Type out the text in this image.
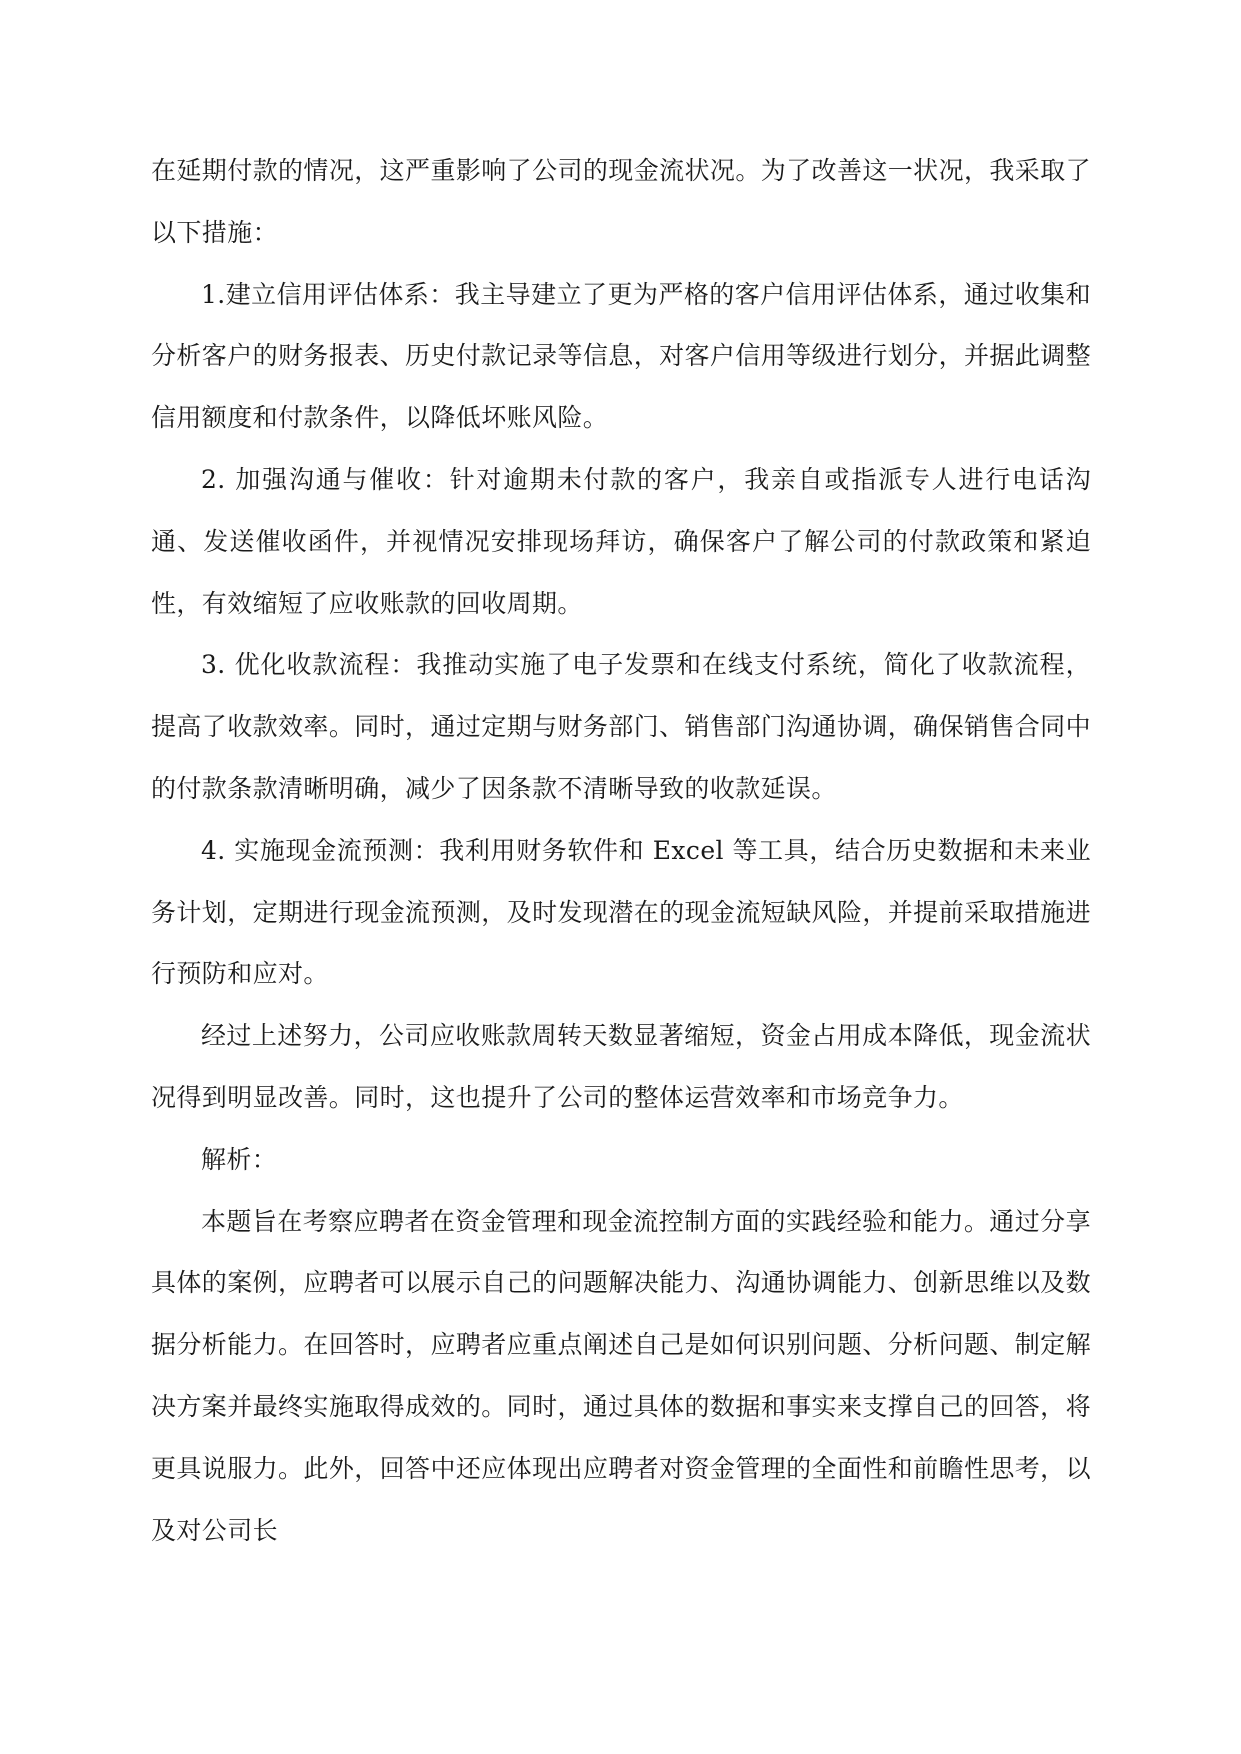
在延期付款的情况，这严重影响了公司的现金流状况。为了改善这一状况，我采取了以下措施：

1.建立信用评估体系：我主导建立了更为严格的客户信用评估体系，通过收集和分析客户的财务报表、历史付款记录等信息，对客户信用等级进行划分，并据此调整信用额度和付款条件，以降低坏账风险。

2. 加强沟通与催收：针对逾期未付款的客户，我亲自或指派专人进行电话沟通、发送催收函件，并视情况安排现场拜访，确保客户了解公司的付款政策和紧迫性，有效缩短了应收账款的回收周期。

3. 优化收款流程：我推动实施了电子发票和在线支付系统，简化了收款流程，提高了收款效率。同时，通过定期与财务部门、销售部门沟通协调，确保销售合同中的付款条款清晰明确，减少了因条款不清晰导致的收款延误。

4. 实施现金流预测：我利用财务软件和 Excel 等工具，结合历史数据和未来业务计划，定期进行现金流预测，及时发现潜在的现金流短缺风险，并提前采取措施进行预防和应对。

经过上述努力，公司应收账款周转天数显著缩短，资金占用成本降低，现金流状况得到明显改善。同时，这也提升了公司的整体运营效率和市场竞争力。

解析：

本题旨在考察应聘者在资金管理和现金流控制方面的实践经验和能力。通过分享具体的案例，应聘者可以展示自己的问题解决能力、沟通协调能力、创新思维以及数据分析能力。在回答时，应聘者应重点阐述自己是如何识别问题、分析问题、制定解决方案并最终实施取得成效的。同时，通过具体的数据和事实来支撑自己的回答，将更具说服力。此外，回答中还应体现出应聘者对资金管理的全面性和前瞻性思考，以及对公司长
